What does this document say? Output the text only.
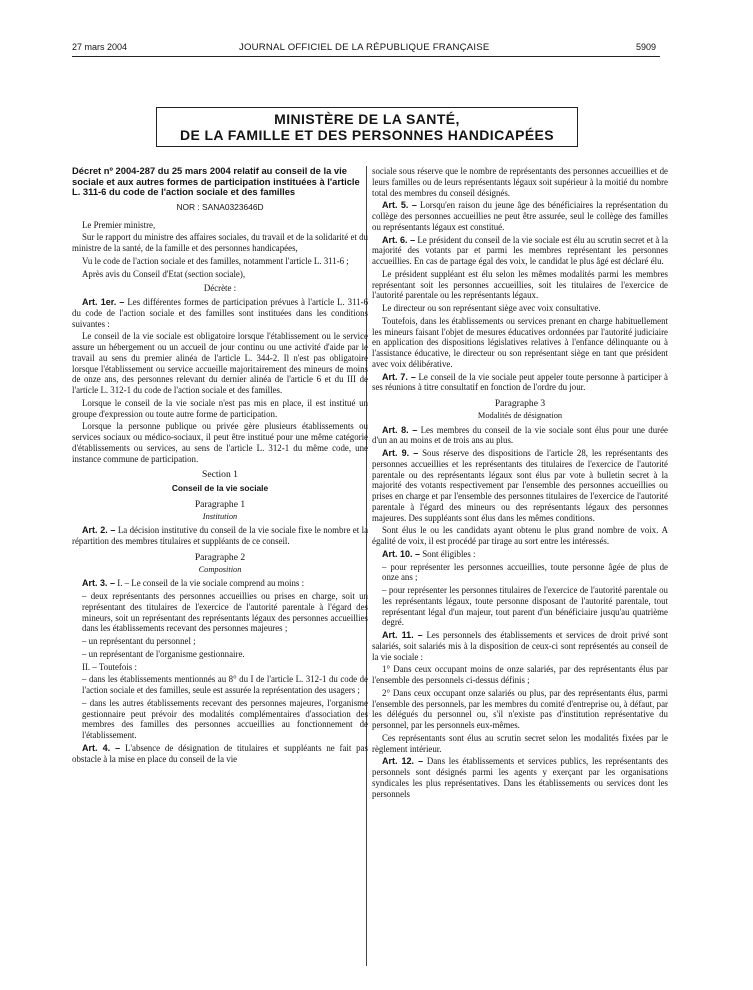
27 mars 2004	JOURNAL OFFICIEL DE LA RÉPUBLIQUE FRANÇAISE	5909
MINISTÈRE DE LA SANTÉ,
DE LA FAMILLE ET DES PERSONNES HANDICAPÉES
Décret nº 2004-287 du 25 mars 2004 relatif au conseil de la vie sociale et aux autres formes de participation instituées à l'article L. 311-6 du code de l'action sociale et des familles
NOR : SANA0323646D

Le Premier ministre,

Sur le rapport du ministre des affaires sociales, du travail et de la solidarité et du ministre de la santé, de la famille et des personnes handicapées,

Vu le code de l'action sociale et des familles, notamment l'article L. 311-6 ;

Après avis du Conseil d'Etat (section sociale),

Décrète :

Art. 1er. – Les différentes formes de participation prévues à l'article L. 311-6 du code de l'action sociale et des familles sont instituées dans les conditions suivantes :

Le conseil de la vie sociale est obligatoire lorsque l'établissement ou le service assure un hébergement ou un accueil de jour continu ou une activité d'aide par le travail au sens du premier alinéa de l'article L. 344-2. Il n'est pas obligatoire lorsque l'établissement ou service accueille majoritairement des mineurs de moins de onze ans, des personnes relevant du dernier alinéa de l'article 6 et du III de l'article L. 312-1 du code de l'action sociale et des familles.

Lorsque le conseil de la vie sociale n'est pas mis en place, il est institué un groupe d'expression ou toute autre forme de participation.

Lorsque la personne publique ou privée gère plusieurs établissements ou services sociaux ou médico-sociaux, il peut être institué pour une même catégorie d'établissements ou services, au sens de l'article L. 312-1 du même code, une instance commune de participation.

Section 1
Conseil de la vie sociale
Paragraphe 1
Institution

Art. 2. – La décision institutive du conseil de la vie sociale fixe le nombre et la répartition des membres titulaires et suppléants de ce conseil.

Paragraphe 2
Composition

Art. 3. – I. – Le conseil de la vie sociale comprend au moins :

– deux représentants des personnes accueillies ou prises en charge, soit un représentant des titulaires de l'exercice de l'autorité parentale à l'égard des mineurs, soit un représentant des représentants légaux des personnes accueillies dans les établissements recevant des personnes majeures ;

– un représentant du personnel ;

– un représentant de l'organisme gestionnaire.

II. – Toutefois :

– dans les établissements mentionnés au 8° du I de l'article L. 312-1 du code de l'action sociale et des familles, seule est assurée la représentation des usagers ;

– dans les autres établissements recevant des personnes majeures, l'organisme gestionnaire peut prévoir des modalités complémentaires d'association des membres des familles des personnes accueillies au fonctionnement de l'établissement.

Art. 4. – L'absence de désignation de titulaires et suppléants ne fait pas obstacle à la mise en place du conseil de la vie

sociale sous réserve que le nombre de représentants des personnes accueillies et de leurs familles ou de leurs représentants légaux soit supérieur à la moitié du nombre total des membres du conseil désignés.

Art. 5. – Lorsqu'en raison du jeune âge des bénéficiaires la représentation du collège des personnes accueillies ne peut être assurée, seul le collège des familles ou représentants légaux est constitué.

Art. 6. – Le président du conseil de la vie sociale est élu au scrutin secret et à la majorité des votants par et parmi les membres représentant les personnes accueillies. En cas de partage égal des voix, le candidat le plus âgé est déclaré élu.

Le président suppléant est élu selon les mêmes modalités parmi les membres représentant soit les personnes accueillies, soit les titulaires de l'exercice de l'autorité parentale ou les représentants légaux.

Le directeur ou son représentant siège avec voix consultative.

Toutefois, dans les établissements ou services prenant en charge habituellement les mineurs faisant l'objet de mesures éducatives ordonnées par l'autorité judiciaire en application des dispositions législatives relatives à l'enfance délinquante ou à l'assistance éducative, le directeur ou son représentant siège en tant que président avec voix délibérative.

Art. 7. – Le conseil de la vie sociale peut appeler toute personne à participer à ses réunions à titre consultatif en fonction de l'ordre du jour.

Paragraphe 3
Modalités de désignation

Art. 8. – Les membres du conseil de la vie sociale sont élus pour une durée d'un an au moins et de trois ans au plus.

Art. 9. – Sous réserve des dispositions de l'article 28, les représentants des personnes accueillies et les représentants des titulaires de l'exercice de l'autorité parentale ou des représentants légaux sont élus par vote à bulletin secret à la majorité des votants respectivement par l'ensemble des personnes accueillies ou prises en charge et par l'ensemble des personnes titulaires de l'exercice de l'autorité parentale à l'égard des mineurs ou des représentants légaux des personnes majeures. Des suppléants sont élus dans les mêmes conditions.

Sont élus le ou les candidats ayant obtenu le plus grand nombre de voix. A égalité de voix, il est procédé par tirage au sort entre les intéressés.

Art. 10. – Sont éligibles :

– pour représenter les personnes accueillies, toute personne âgée de plus de onze ans ;

– pour représenter les personnes titulaires de l'exercice de l'autorité parentale ou les représentants légaux, toute personne disposant de l'autorité parentale, tout représentant légal d'un majeur, tout parent d'un bénéficiaire jusqu'au quatrième degré.

Art. 11. – Les personnels des établissements et services de droit privé sont salariés, soit salariés mis à la disposition de ceux-ci sont représentés au conseil de la vie sociale :

1° Dans ceux occupant moins de onze salariés, par des représentants élus par l'ensemble des personnels ci-dessus définis ;

2° Dans ceux occupant onze salariés ou plus, par des représentants élus, parmi l'ensemble des personnels, par les membres du comité d'entreprise ou, à défaut, par les délégués du personnel ou, s'il n'existe pas d'institution représentative du personnel, par les personnels eux-mêmes.

Ces représentants sont élus au scrutin secret selon les modalités fixées par le règlement intérieur.

Art. 12. – Dans les établissements et services publics, les représentants des personnels sont désignés parmi les agents y exerçant par les organisations syndicales les plus représentatives. Dans les établissements ou services dont les personnels
